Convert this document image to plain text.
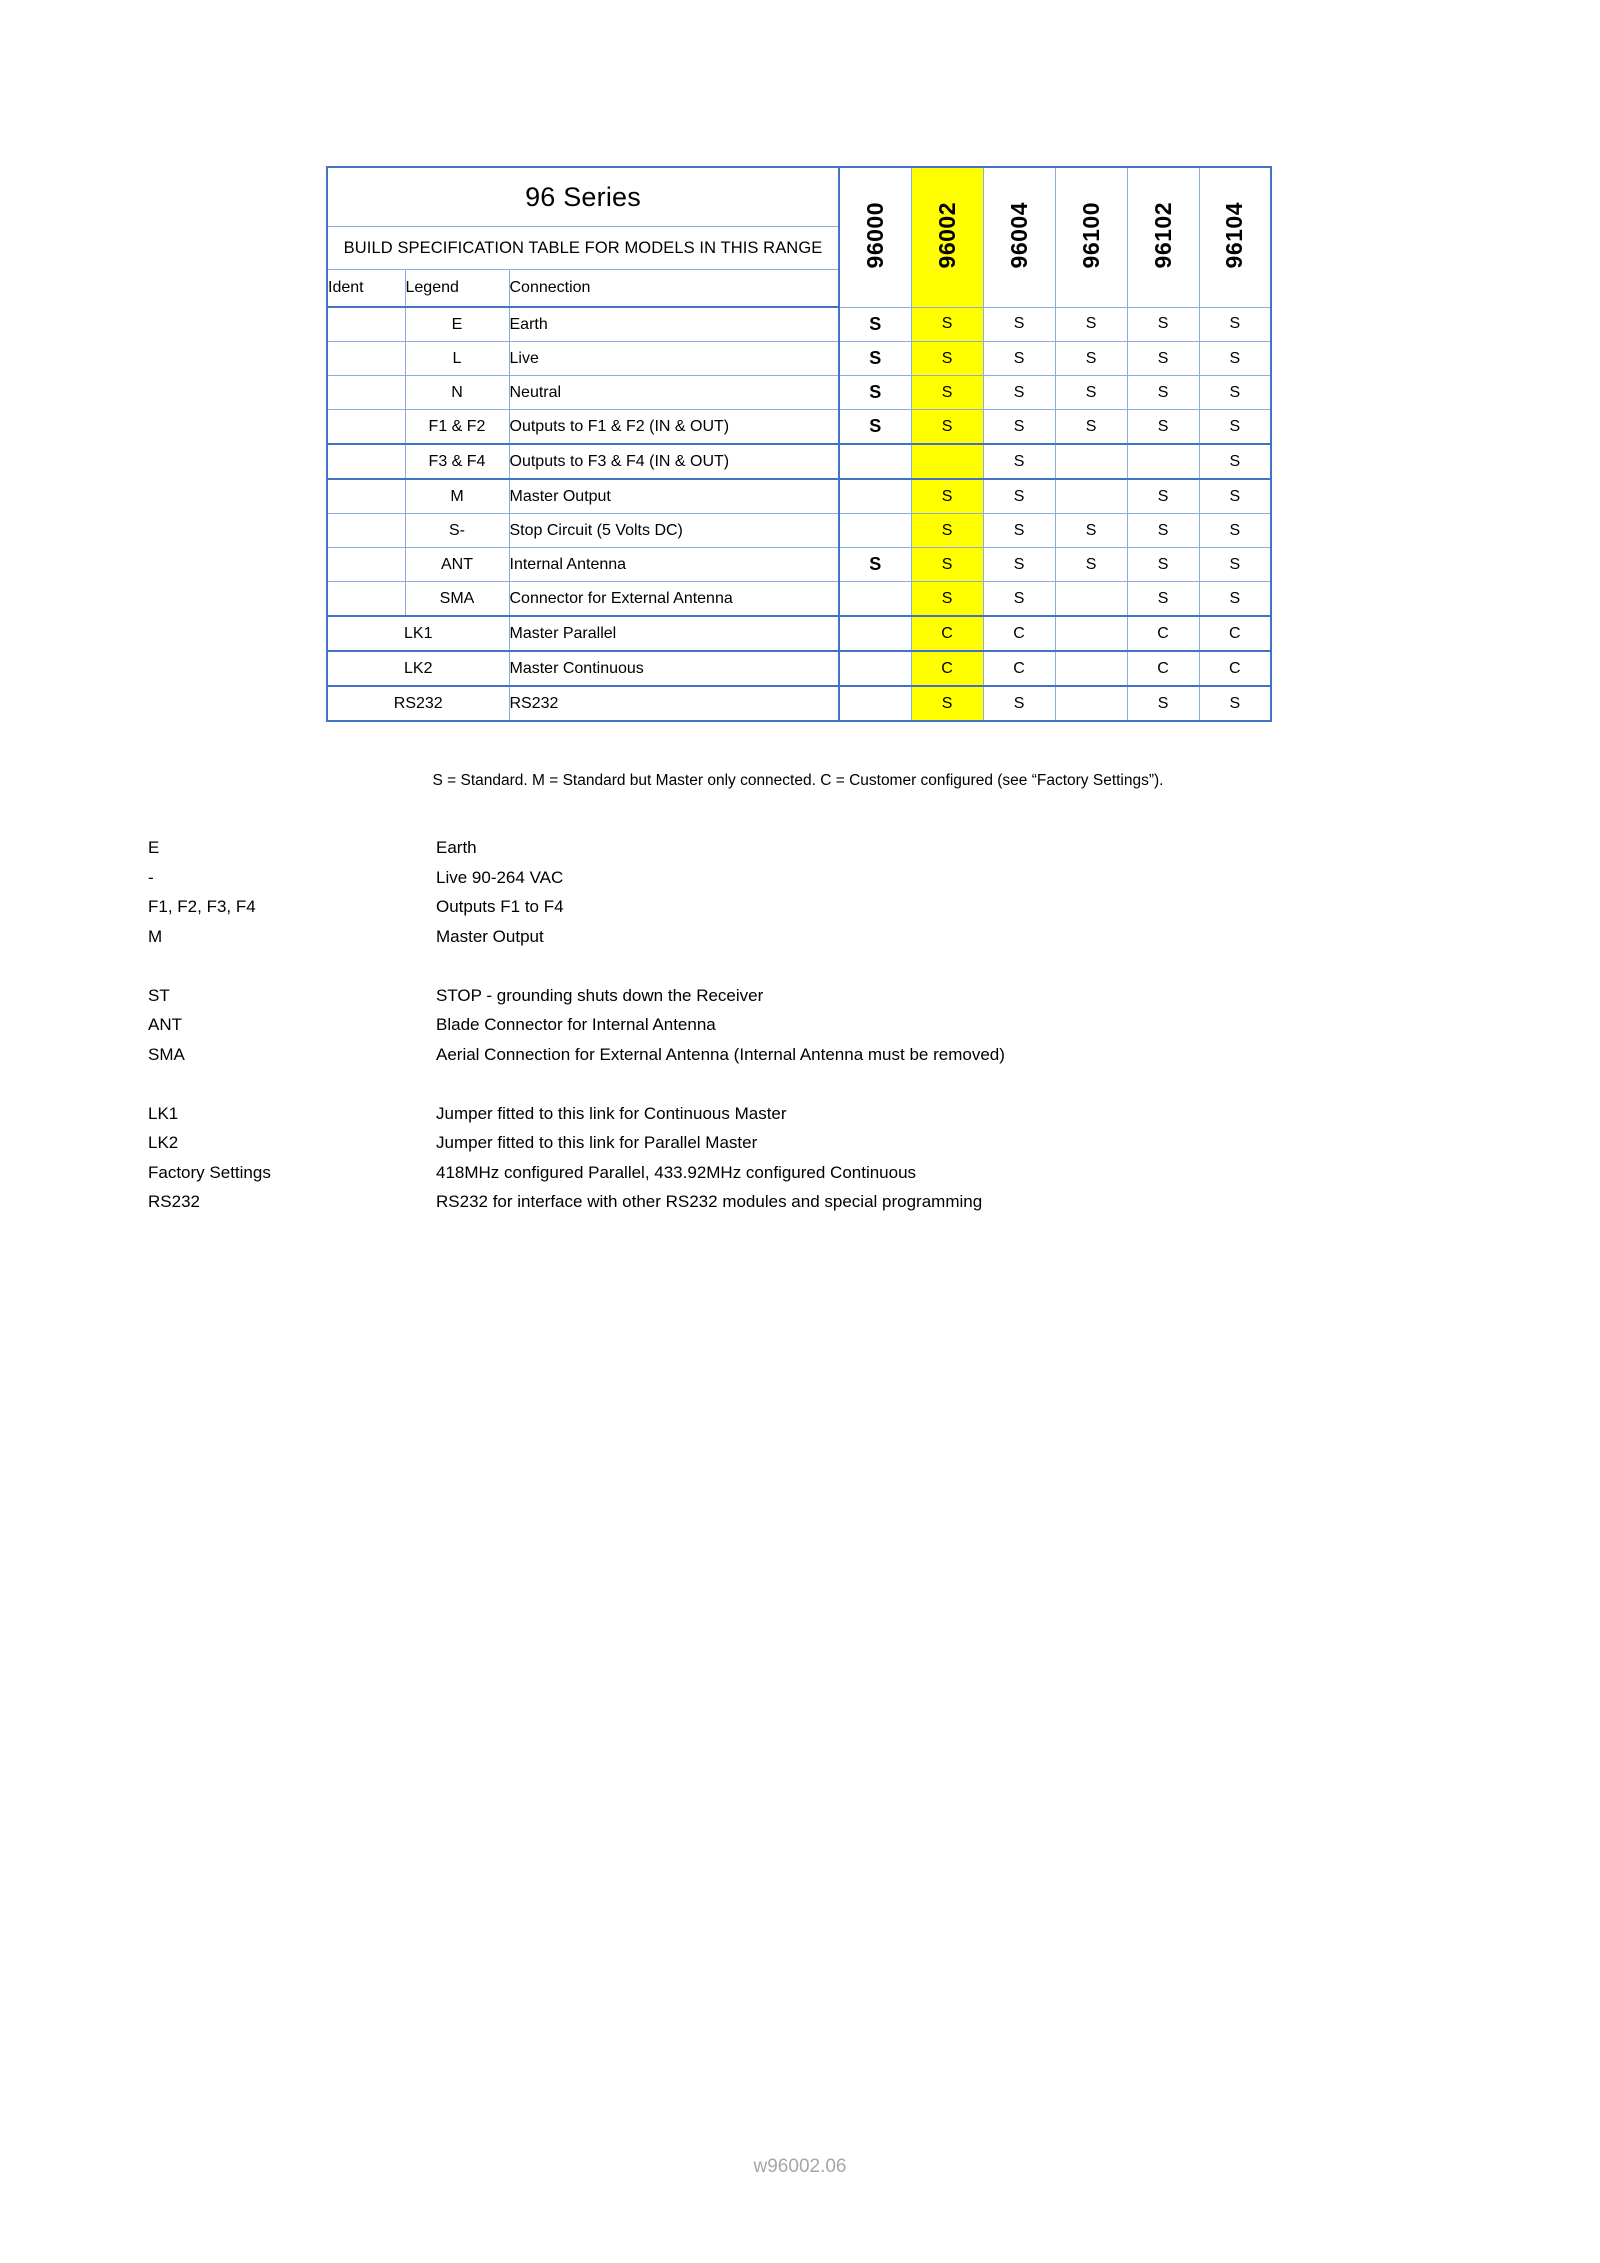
96 Series			96000	96002	96004	96100	96102	96104
BUILD SPECIFICATION TABLE FOR MODELS IN THIS RANGE								
Ident	Legend	Connection						
	E	Earth	S	S	S	S	S	S
	L	Live	S	S	S	S	S	S
	N	Neutral	S	S	S	S	S	S
	F1 & F2	Outputs to F1 & F2 (IN & OUT)	S	S	S	S	S	S
	F3 & F4	Outputs to F3 & F4 (IN & OUT)			S			S
	M	Master Output		S	S		S	S
	S-	Stop Circuit (5 Volts DC)		S	S	S	S	S
	ANT	Internal Antenna	S	S	S	S	S	S
	SMA	Connector for External Antenna		S	S		S	S
LK1		Master Parallel		C	C		C	C
LK2		Master Continuous		C	C		C	C
RS232		RS232		S	S		S	S
S = Standard. M = Standard but Master only connected. C = Customer configured (see “Factory Settings”).
E	Earth
-	Live 90-264 VAC
F1, F2, F3, F4	Outputs F1 to F4
M	Master Output
ST	STOP - grounding shuts down the Receiver
ANT	Blade Connector for Internal Antenna
SMA	Aerial Connection for External Antenna (Internal Antenna must be removed)
LK1	Jumper fitted to this link for Continuous Master
LK2	Jumper fitted to this link for Parallel Master
Factory Settings	418MHz configured Parallel, 433.92MHz configured Continuous
RS232	RS232 for interface with other RS232 modules and special programming
w96002.06
